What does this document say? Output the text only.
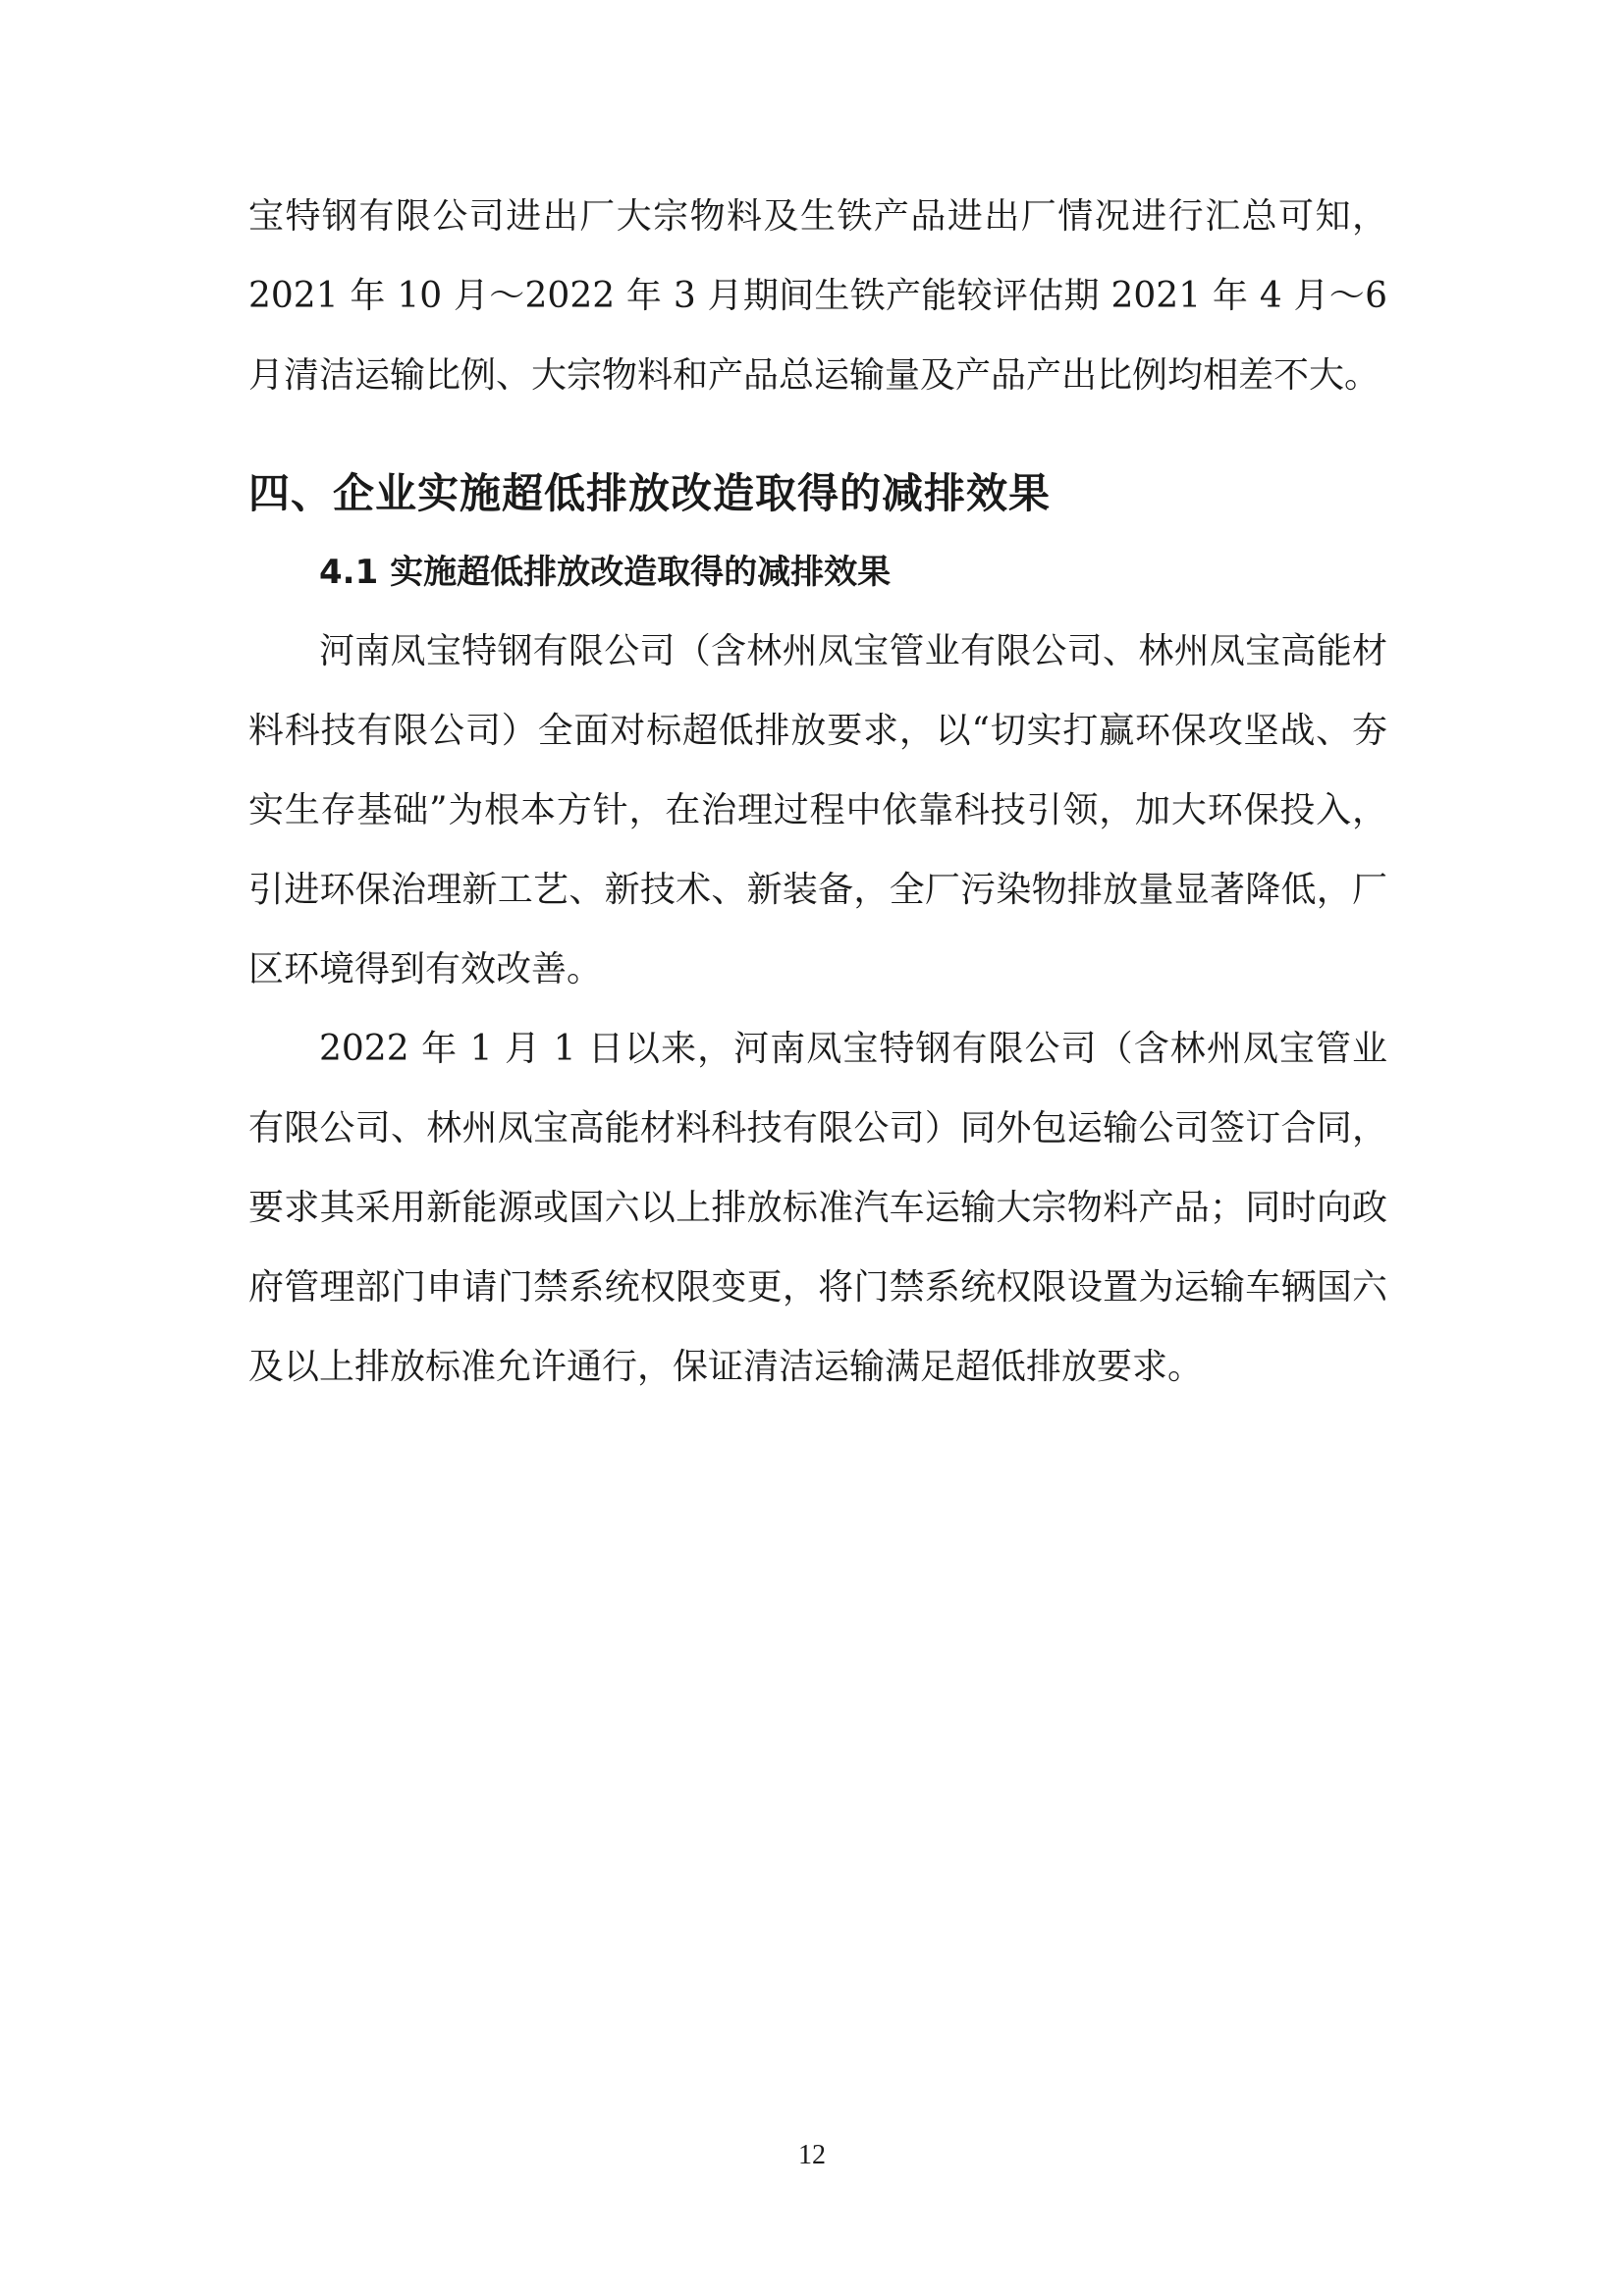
宝特钢有限公司进出厂大宗物料及生铁产品进出厂情况进行汇总可知，2021 年 10 月～2022 年 3 月期间生铁产能较评估期 2021 年 4 月～6 月清洁运输比例、大宗物料和产品总运输量及产品产出比例均相差不大。

四、企业实施超低排放改造取得的减排效果
4.1 实施超低排放改造取得的减排效果

河南凤宝特钢有限公司（含林州凤宝管业有限公司、林州凤宝高能材料科技有限公司）全面对标超低排放要求，以“切实打赢环保攻坚战、夯实生存基础”为根本方针，在治理过程中依靠科技引领，加大环保投入，引进环保治理新工艺、新技术、新装备，全厂污染物排放量显著降低，厂区环境得到有效改善。

2022 年 1 月 1 日以来，河南凤宝特钢有限公司（含林州凤宝管业有限公司、林州凤宝高能材料科技有限公司）同外包运输公司签订合同，要求其采用新能源或国六以上排放标准汽车运输大宗物料产品；同时向政府管理部门申请门禁系统权限变更，将门禁系统权限设置为运输车辆国六及以上排放标准允许通行，保证清洁运输满足超低排放要求。

12
